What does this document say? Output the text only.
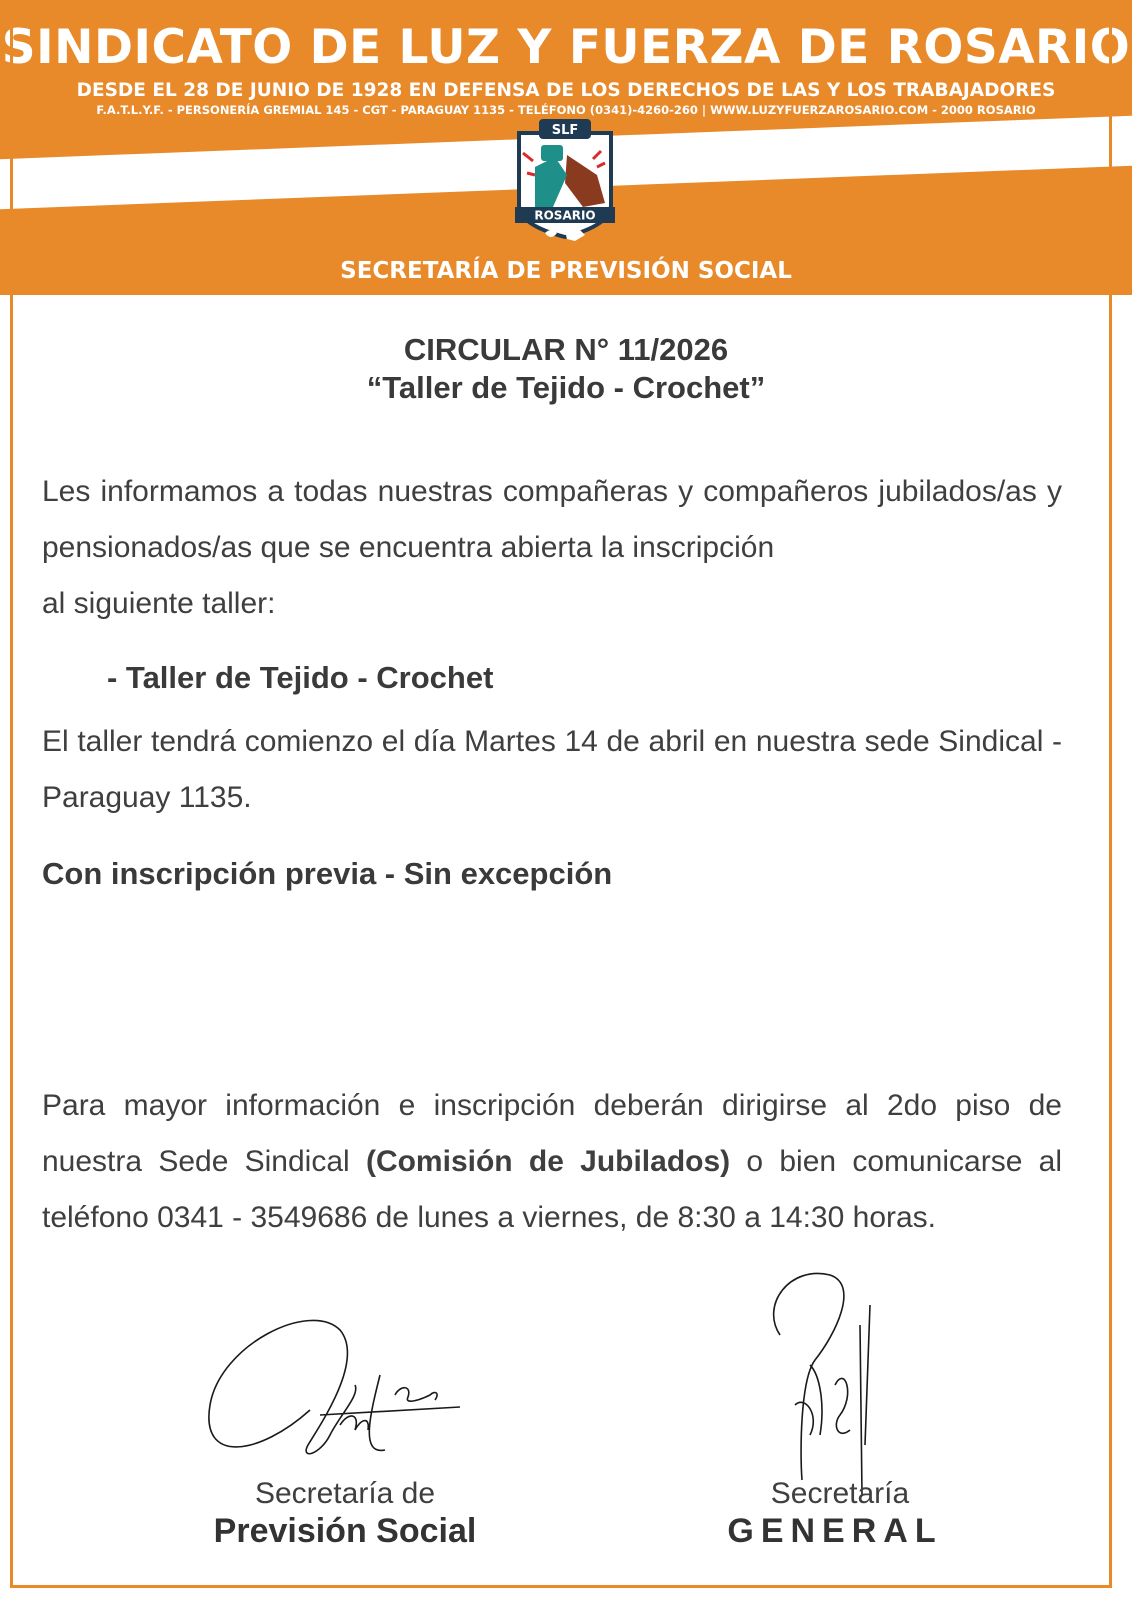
SINDICATO DE LUZ Y FUERZA DE ROSARIO
DESDE EL 28 DE JUNIO DE 1928 EN DEFENSA DE LOS DERECHOS DE LAS Y LOS TRABAJADORES
F.A.T.L.Y.F. - PERSONERÍA GREMIAL 145 - CGT - PARAGUAY 1135 - TELÉFONO (0341)-4260-260 | WWW.LUZYFUERZAROSARIO.COM - 2000 ROSARIO
SLF
ROSARIO
SECRETARÍA DE PREVISIÓN SOCIAL
CIRCULAR N° 11/2026
“Taller de Tejido - Crochet”
Les informamos a todas nuestras compañeras y compañeros jubilados/as y pensionados/as que se encuentra abierta la inscripción
al siguiente taller:
- Taller de Tejido - Crochet
El taller tendrá comienzo el día Martes 14 de abril en nuestra sede Sindical - Paraguay 1135.
Con inscripción previa - Sin excepción
Para mayor información e inscripción deberán dirigirse al 2do piso de nuestra Sede Sindical (Comisión de Jubilados) o bien comunicarse al teléfono 0341 - 3549686 de lunes a viernes, de 8:30 a 14:30 horas.
Secretaría de
Previsión Social
Secretaría
GENERAL
